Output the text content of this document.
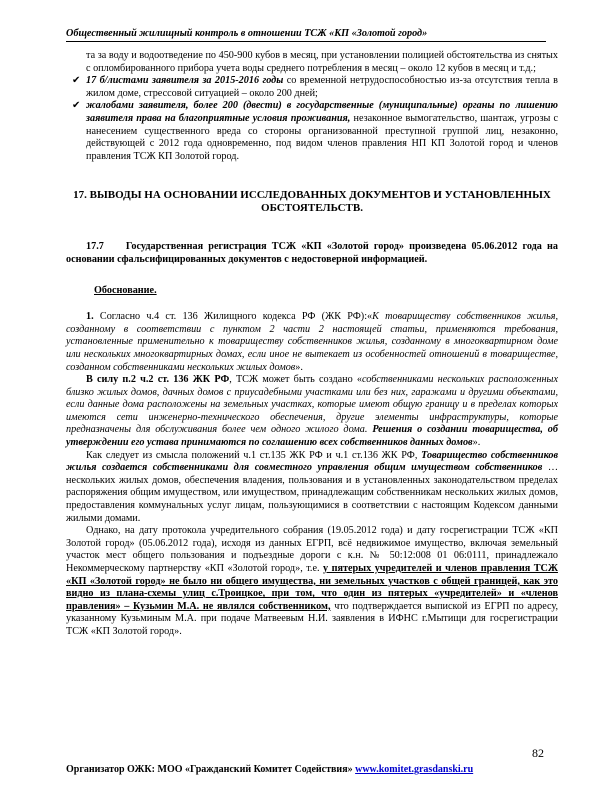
Общественный жилищный контроль в отношении ТСЖ «КП «Золотой город»
та за воду и водоотведение по 450-900 кубов в месяц, при установлении полицией обстоятельства из снятых с опломбированного прибора учета воды среднего потребления в месяц – около 12 кубов в месяц и т.д.;
✔ 17 б/листами заявителя за 2015-2016 годы со временной нетрудоспособностью из-за отсутствия тепла в жилом доме, стрессовой ситуацией – около 200 дней;
✔ жалобами заявителя, более 200 (двести) в государственные (муниципальные) органы по лишению заявителя права на благоприятные условия проживания, незаконное вымогательство, шантаж, угрозы с нанесением существенного вреда со стороны организованной преступной группой лиц, незаконно, действующей с 2012 года одновременно, под видом членов правления НП КП Золотой город и членов правления ТСЖ КП Золотой город.
17. ВЫВОДЫ НА ОСНОВАНИИ ИССЛЕДОВАННЫХ ДОКУМЕНТОВ И УСТАНОВЛЕННЫХ ОБСТОЯТЕЛЬСТВ.
17.7 Государственная регистрация ТСЖ «КП «Золотой город» произведена 05.06.2012 года на основании сфальсифицированных документов с недостоверной информацией.
Обоснование.
1. Согласно ч.4 ст. 136 Жилищного кодекса РФ (ЖК РФ):«К товариществу собственников жилья, созданному в соответствии с пунктом 2 части 2 настоящей статьи, применяются требования, установленные применительно к товариществу собственников жилья, созданному в многоквартирном доме или нескольких многоквартирных домах, если иное не вытекает из особенностей отношений в товариществе, созданном собственниками нескольких жилых домов».
В силу п.2 ч.2 ст. 136 ЖК РФ, ТСЖ может быть создано «собственниками нескольких расположенных близко жилых домов, дачных домов с приусадебными участками или без них, гаражами и другими объектами, если данные дома расположены на земельных участках, которые имеют общую границу и в пределах которых имеются сети инженерно-технического обеспечения, другие элементы инфраструктуры, которые предназначены для обслуживания более чем одного жилого дома. Решения о создании товарищества, об утверждении его устава принимаются по соглашению всех собственников данных домов».
Как следует из смысла положений ч.1 ст.135 ЖК РФ и ч.1 ст.136 ЖК РФ, Товарищество собственников жилья создается собственниками для совместного управления общим имуществом собственников … нескольких жилых домов, обеспечения владения, пользования и в установленных законодательством пределах распоряжения общим имуществом, или имуществом, принадлежащим собственникам нескольких жилых домов, предоставления коммунальных услуг лицам, пользующимися в соответствии с настоящим Кодексом данными жилыми домами.
Однако, на дату протокола учредительного собрания (19.05.2012 года) и дату госрегистрации ТСЖ «КП Золотой город» (05.06.2012 года), исходя из данных ЕГРП, всё недвижимое имущество, включая земельный участок мест общего пользования и подъездные дороги с к.н. № 50:12:008 01 06:0111, принадлежало Некоммерческому партнерству «КП «Золотой город», т.е. у пятерых учредителей и членов правления ТСЖ «КП «Золотой город» не было ни общего имущества, ни земельных участков с общей границей, как это видно из плана-схемы улиц с.Троицкое, при том, что один из пятерых «учредителей» и «членов правления» – Кузьмин М.А. не являлся собственником, что подтверждается выпиской из ЕГРП по адресу, указанному Кузьминым М.А. при подаче Матвеевым Н.И. заявления в ИФНС г.Мытищи для госрегистрации ТСЖ «КП Золотой город».
82
Организатор ОЖК: МОО «Гражданский Комитет Содействия» www.komitet.grasdanski.ru
